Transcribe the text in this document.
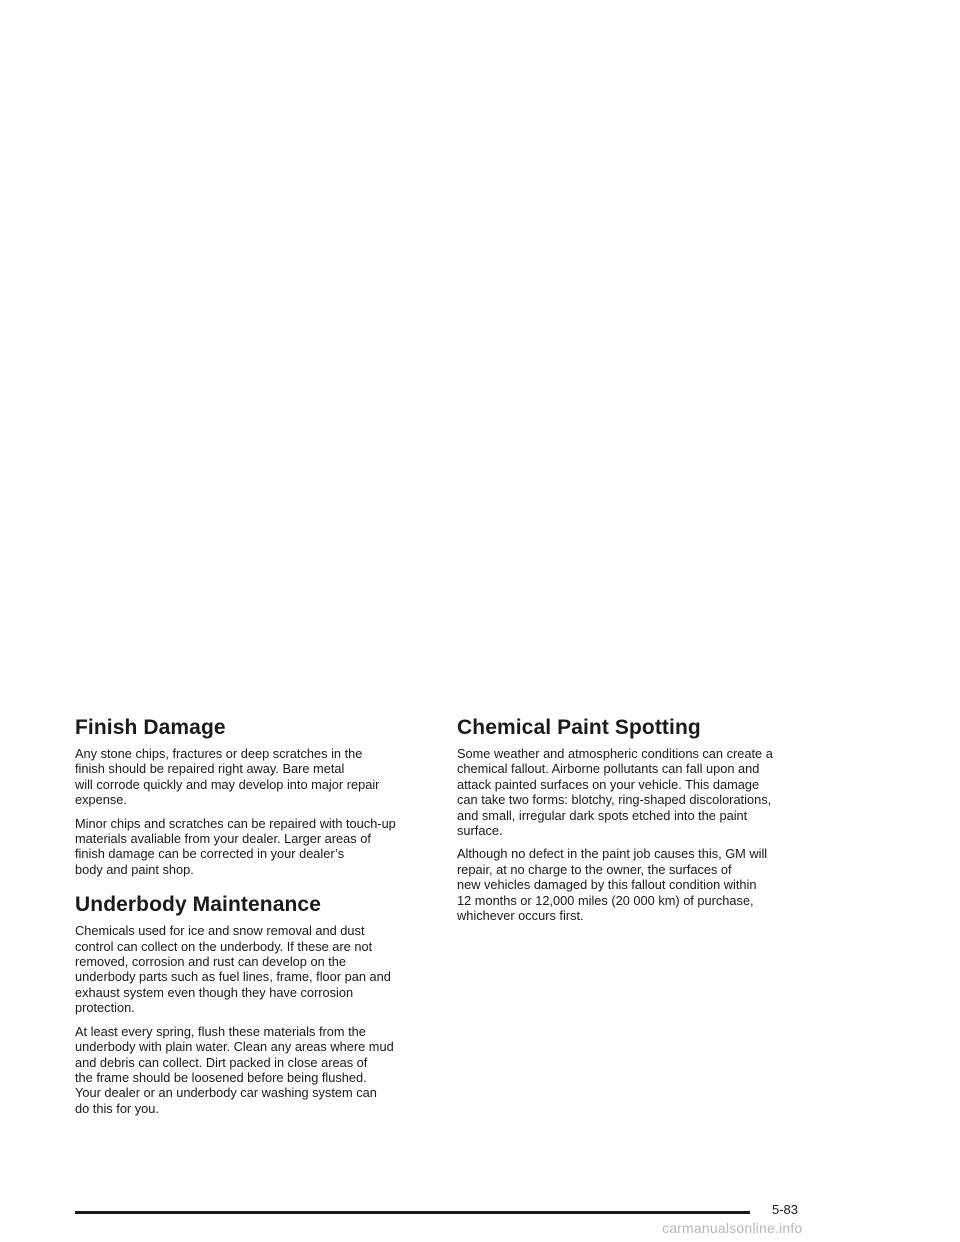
Finish Damage

Any stone chips, fractures or deep scratches in the
finish should be repaired right away. Bare metal
will corrode quickly and may develop into major repair
expense.

Minor chips and scratches can be repaired with touch-up
materials avaliable from your dealer. Larger areas of
finish damage can be corrected in your dealer’s
body and paint shop.

Underbody Maintenance

Chemicals used for ice and snow removal and dust
control can collect on the underbody. If these are not
removed, corrosion and rust can develop on the
underbody parts such as fuel lines, frame, floor pan and
exhaust system even though they have corrosion
protection.

At least every spring, flush these materials from the
underbody with plain water. Clean any areas where mud
and debris can collect. Dirt packed in close areas of
the frame should be loosened before being flushed.
Your dealer or an underbody car washing system can
do this for you.

Chemical Paint Spotting

Some weather and atmospheric conditions can create a
chemical fallout. Airborne pollutants can fall upon and
attack painted surfaces on your vehicle. This damage
can take two forms: blotchy, ring-shaped discolorations,
and small, irregular dark spots etched into the paint
surface.

Although no defect in the paint job causes this, GM will
repair, at no charge to the owner, the surfaces of
new vehicles damaged by this fallout condition within
12 months or 12,000 miles (20 000 km) of purchase,
whichever occurs first.

5-83
carmanualsonline.info
